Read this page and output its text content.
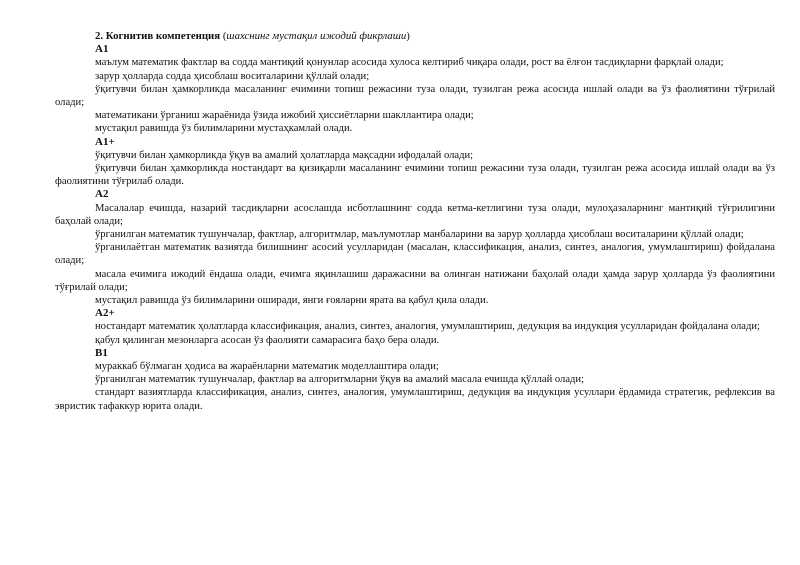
2. Когнитив компетенция (шахснинг мустақил ижодий фикрлаши)

A1

маълум математик фактлар ва содда мантиқий қонунлар асосида хулоса келтириб чиқара олади, рост ва ёлғон тасдиқларни фарқлай олади;

зарур ҳолларда содда ҳисоблаш воситаларини қўллай олади;

ўқитувчи билан ҳамкорликда масаланинг ечимини топиш режасини туза олади, тузилган режа асосида ишлай олади ва ўз фаолиятини тўғрилай олади;

математикани ўрганиш жараёнида ўзида ижобий ҳиссиётларни шакллантира олади;

мустақил равишда ўз билимларини мустаҳкамлай олади.

A1+

ўқитувчи билан ҳамкорликда ўқув ва амалий ҳолатларда мақсадни ифодалай олади;

ўқитувчи билан ҳамкорликда ностандарт ва қизиқарли масаланинг ечимини топиш режасини туза олади, тузилган режа асосида ишлай олади ва ўз фаолиятини тўғрилаб олади.

A2

Масалалар ечишда, назарий тасдиқларни асослашда исботлашнинг содда кетма-кетлигини туза олади, мулоҳазаларнинг мантиқий тўғрилигини баҳолай олади;

ўрганилган математик тушунчалар, фактлар, алгоритмлар, маълумотлар манбаларини ва зарур ҳолларда ҳисоблаш воситаларини қўллай олади;

ўрганилаётган математик вазиятда билишнинг асосий усулларидан (масалан, классификация, анализ, синтез, аналогия, умумлаштириш) фойдалана олади;

масала ечимига ижодий ёндаша олади, ечимга яқинлашиш даражасини ва олинган натижани баҳолай олади ҳамда зарур ҳолларда ўз фаолиятини тўғрилай олади;

мустақил равишда ўз билимларини оширади, янги ғояларни ярата ва қабул қила олади.

A2+

ностандарт математик ҳолатларда классификация, анализ, синтез, аналогия, умумлаштириш, дедукция ва индукция усулларидан фойдалана олади;

қабул қилинган мезонларга асосан ўз фаолияти самарасига баҳо бера олади.

B1

мураккаб бўлмаган ҳодиса ва жараёнларни математик моделлаштира олади;

ўрганилган математик тушунчалар, фактлар ва алгоритмларни ўқув ва амалий масала ечишда қўллай олади;

стандарт вазиятларда классификация, анализ, синтез, аналогия, умумлаштириш, дедукция ва индукция усуллари ёрдамида стратегик, рефлексив ва эвристик тафаккур юрита олади.
